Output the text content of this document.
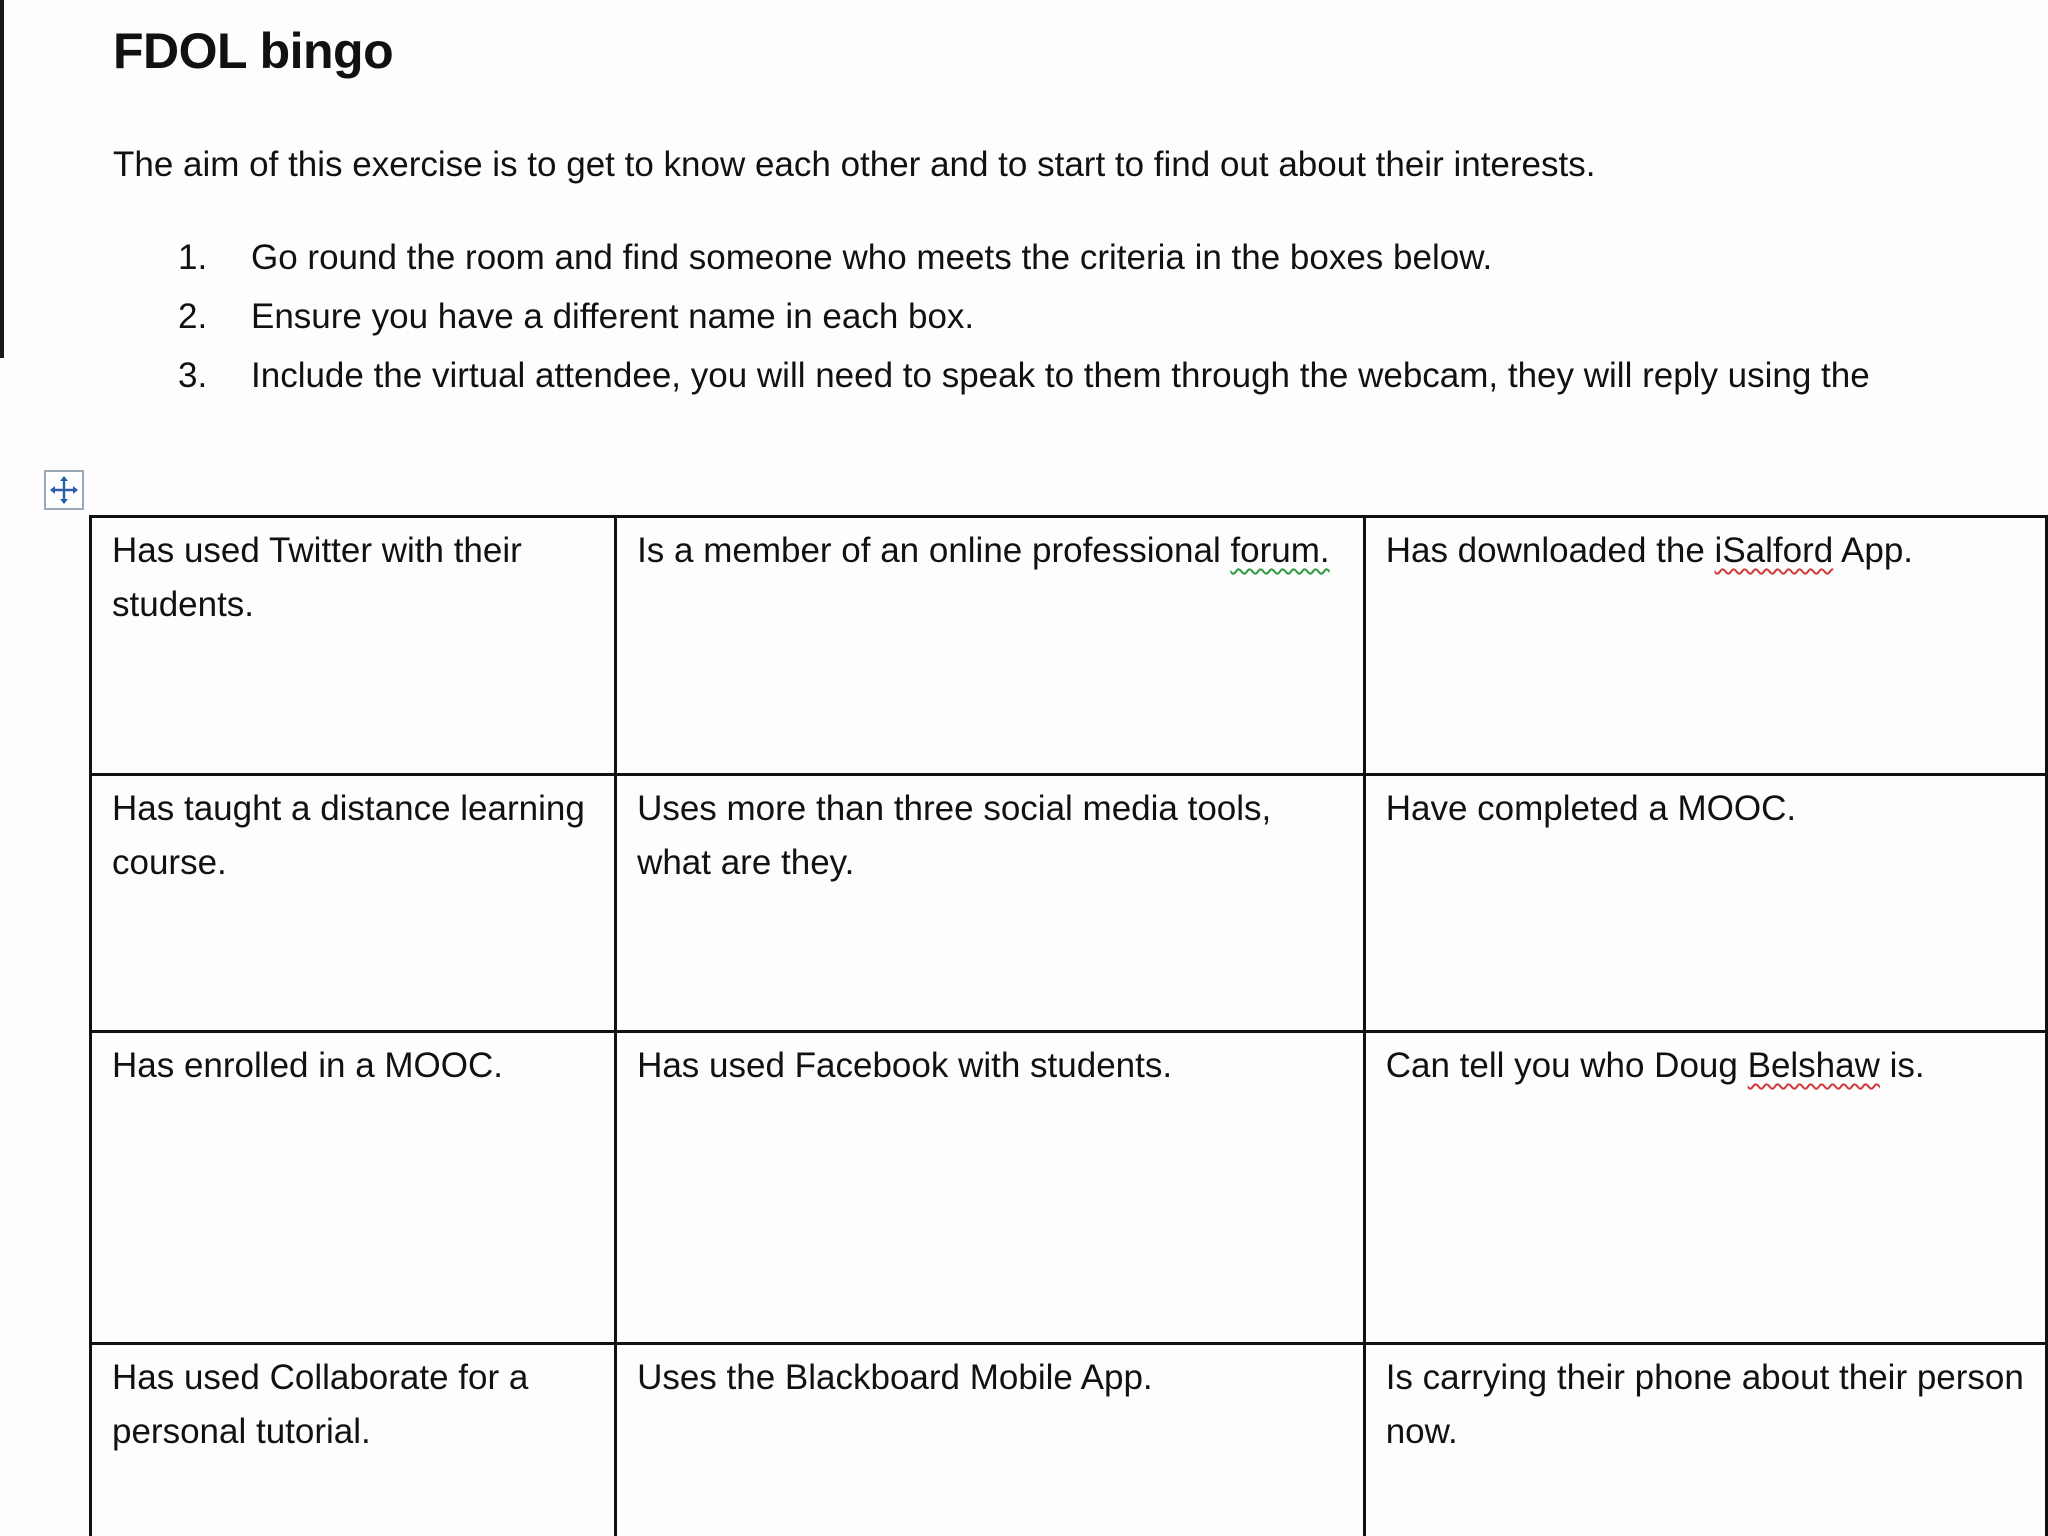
FDOL bingo
The aim of this exercise is to get to know each other and to start to find out about their interests.
1.	Go round the room and find someone who meets the criteria in the boxes below.
2.	Ensure you have a different name in each box.
3.	Include the virtual attendee, you will need to speak to them through the webcam, they will reply using the
Has used Twitter with their students.	Is a member of an online professional forum.	Has downloaded the iSalford App.
Has taught a distance learning course.	Uses more than three social media tools, what are they.	Have completed a MOOC.
Has enrolled in a MOOC.	Has used Facebook with students.	Can tell you who Doug Belshaw is.
Has used Collaborate for a personal tutorial.	Uses the Blackboard Mobile App.	Is carrying their phone about their person now.
